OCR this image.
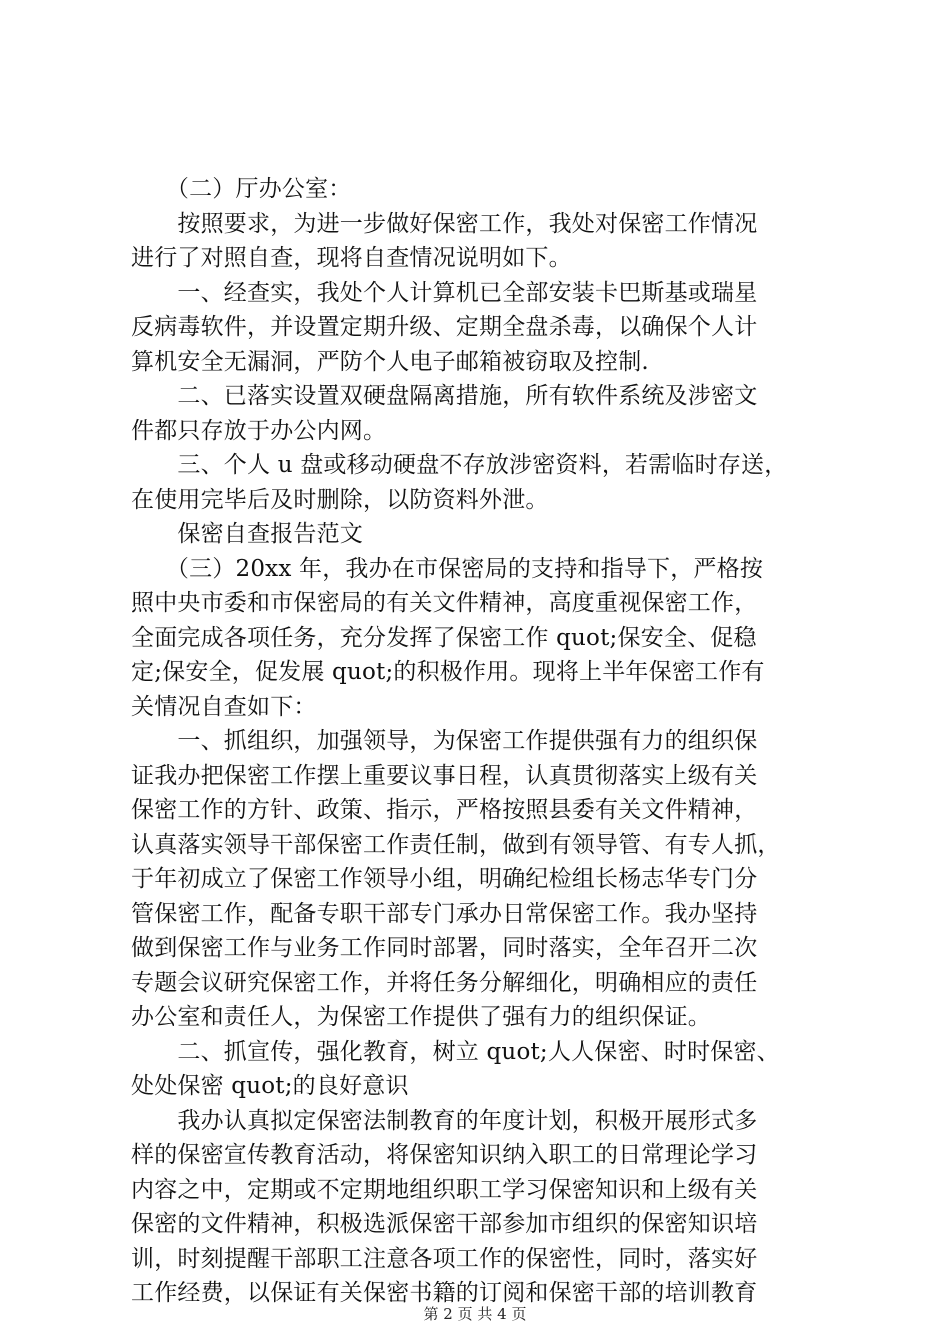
　　（二）厅办公室：
　　按照要求，为进一步做好保密工作，我处对保密工作情况
进行了对照自查，现将自查情况说明如下。
　　一、经查实，我处个人计算机已全部安装卡巴斯基或瑞星
反病毒软件，并设置定期升级、定期全盘杀毒，以确保个人计
算机安全无漏洞，严防个人电子邮箱被窃取及控制.
　　二、已落实设置双硬盘隔离措施，所有软件系统及涉密文
件都只存放于办公内网。
　　三、个人 u 盘或移动硬盘不存放涉密资料，若需临时存送，
在使用完毕后及时删除，以防资料外泄。
　　保密自查报告范文
　　（三）20xx 年，我办在市保密局的支持和指导下，严格按
照中央市委和市保密局的有关文件精神，高度重视保密工作，
全面完成各项任务，充分发挥了保密工作 quot;保安全、促稳
定;保安全，促发展 quot;的积极作用。现将上半年保密工作有
关情况自查如下：
　　一、抓组织，加强领导，为保密工作提供强有力的组织保
证我办把保密工作摆上重要议事日程，认真贯彻落实上级有关
保密工作的方针、政策、指示，严格按照县委有关文件精神，
认真落实领导干部保密工作责任制，做到有领导管、有专人抓，
于年初成立了保密工作领导小组，明确纪检组长杨志华专门分
管保密工作，配备专职干部专门承办日常保密工作。我办坚持
做到保密工作与业务工作同时部署，同时落实，全年召开二次
专题会议研究保密工作，并将任务分解细化，明确相应的责任
办公室和责任人，为保密工作提供了强有力的组织保证。
　　二、抓宣传，强化教育，树立 quot;人人保密、时时保密、
处处保密 quot;的良好意识
　　我办认真拟定保密法制教育的年度计划，积极开展形式多
样的保密宣传教育活动，将保密知识纳入职工的日常理论学习
内容之中，定期或不定期地组织职工学习保密知识和上级有关
保密的文件精神，积极选派保密干部参加市组织的保密知识培
训，时刻提醒干部职工注意各项工作的保密性，同时，落实好
工作经费，以保证有关保密书籍的订阅和保密干部的培训教育
第 2 页 共 4 页
